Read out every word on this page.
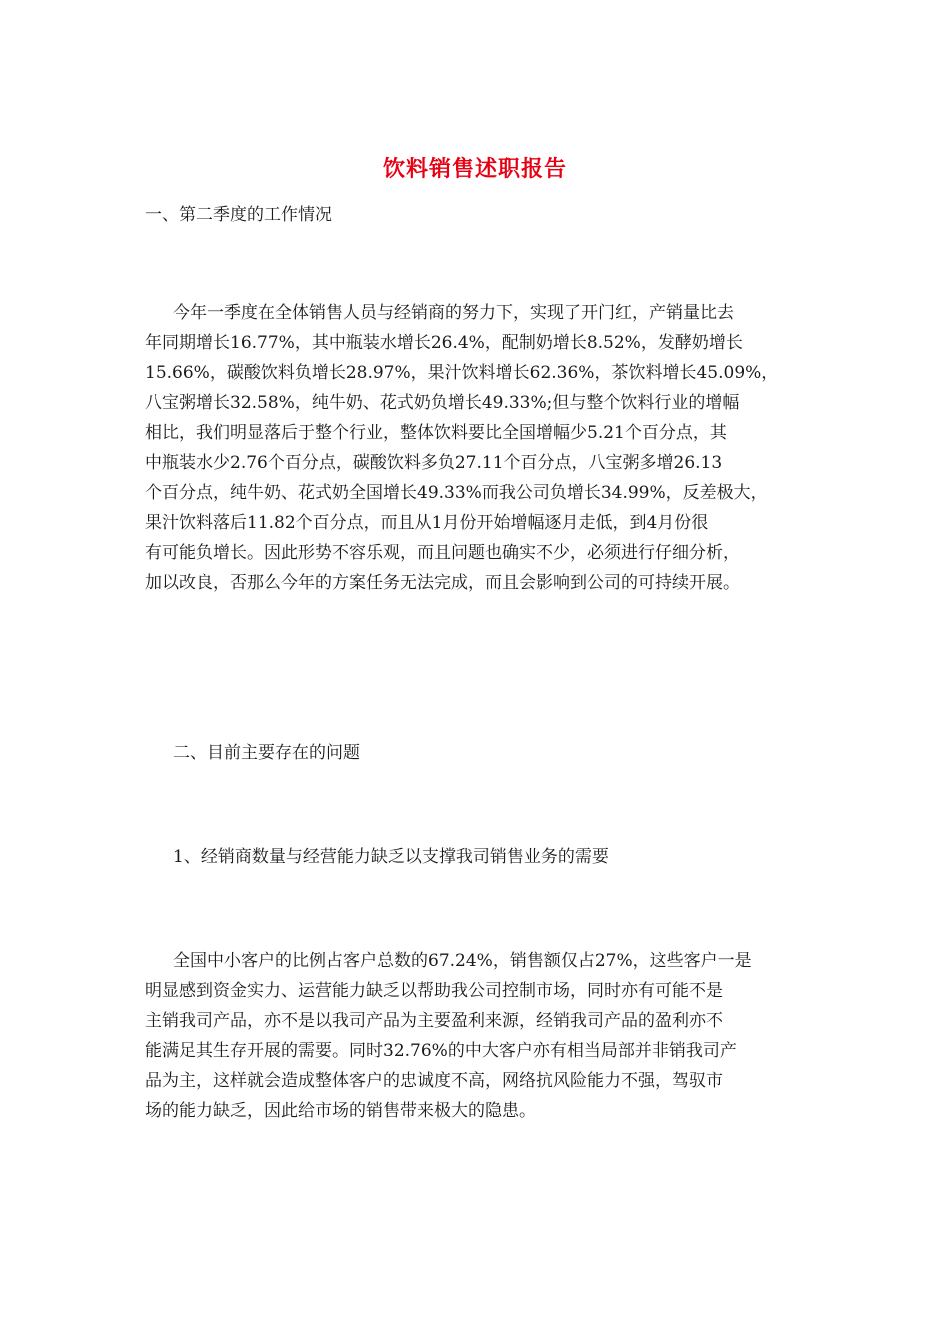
饮料销售述职报告
一、第二季度的工作情况
今年一季度在全体销售人员与经销商的努力下，实现了开门红，产销量比去
年同期增长16.77%，其中瓶装水增长26.4%，配制奶增长8.52%，发酵奶增长
15.66%，碳酸饮料负增长28.97%，果汁饮料增长62.36%，茶饮料增长45.09%，
八宝粥增长32.58%，纯牛奶、花式奶负增长49.33%;但与整个饮料行业的增幅
相比，我们明显落后于整个行业，整体饮料要比全国增幅少5.21个百分点，其
中瓶装水少2.76个百分点，碳酸饮料多负27.11个百分点，八宝粥多增26.13
个百分点，纯牛奶、花式奶全国增长49.33%而我公司负增长34.99%，反差极大，
果汁饮料落后11.82个百分点，而且从1月份开始增幅逐月走低，到4月份很
有可能负增长。因此形势不容乐观，而且问题也确实不少，必须进行仔细分析，
加以改良，否那么今年的方案任务无法完成，而且会影响到公司的可持续开展。
二、目前主要存在的问题
1、经销商数量与经营能力缺乏以支撑我司销售业务的需要
全国中小客户的比例占客户总数的67.24%，销售额仅占27%，这些客户一是
明显感到资金实力、运营能力缺乏以帮助我公司控制市场，同时亦有可能不是
主销我司产品，亦不是以我司产品为主要盈利来源，经销我司产品的盈利亦不
能满足其生存开展的需要。同时32.76%的中大客户亦有相当局部并非销我司产
品为主，这样就会造成整体客户的忠诚度不高，网络抗风险能力不强，驾驭市
场的能力缺乏，因此给市场的销售带来极大的隐患。
